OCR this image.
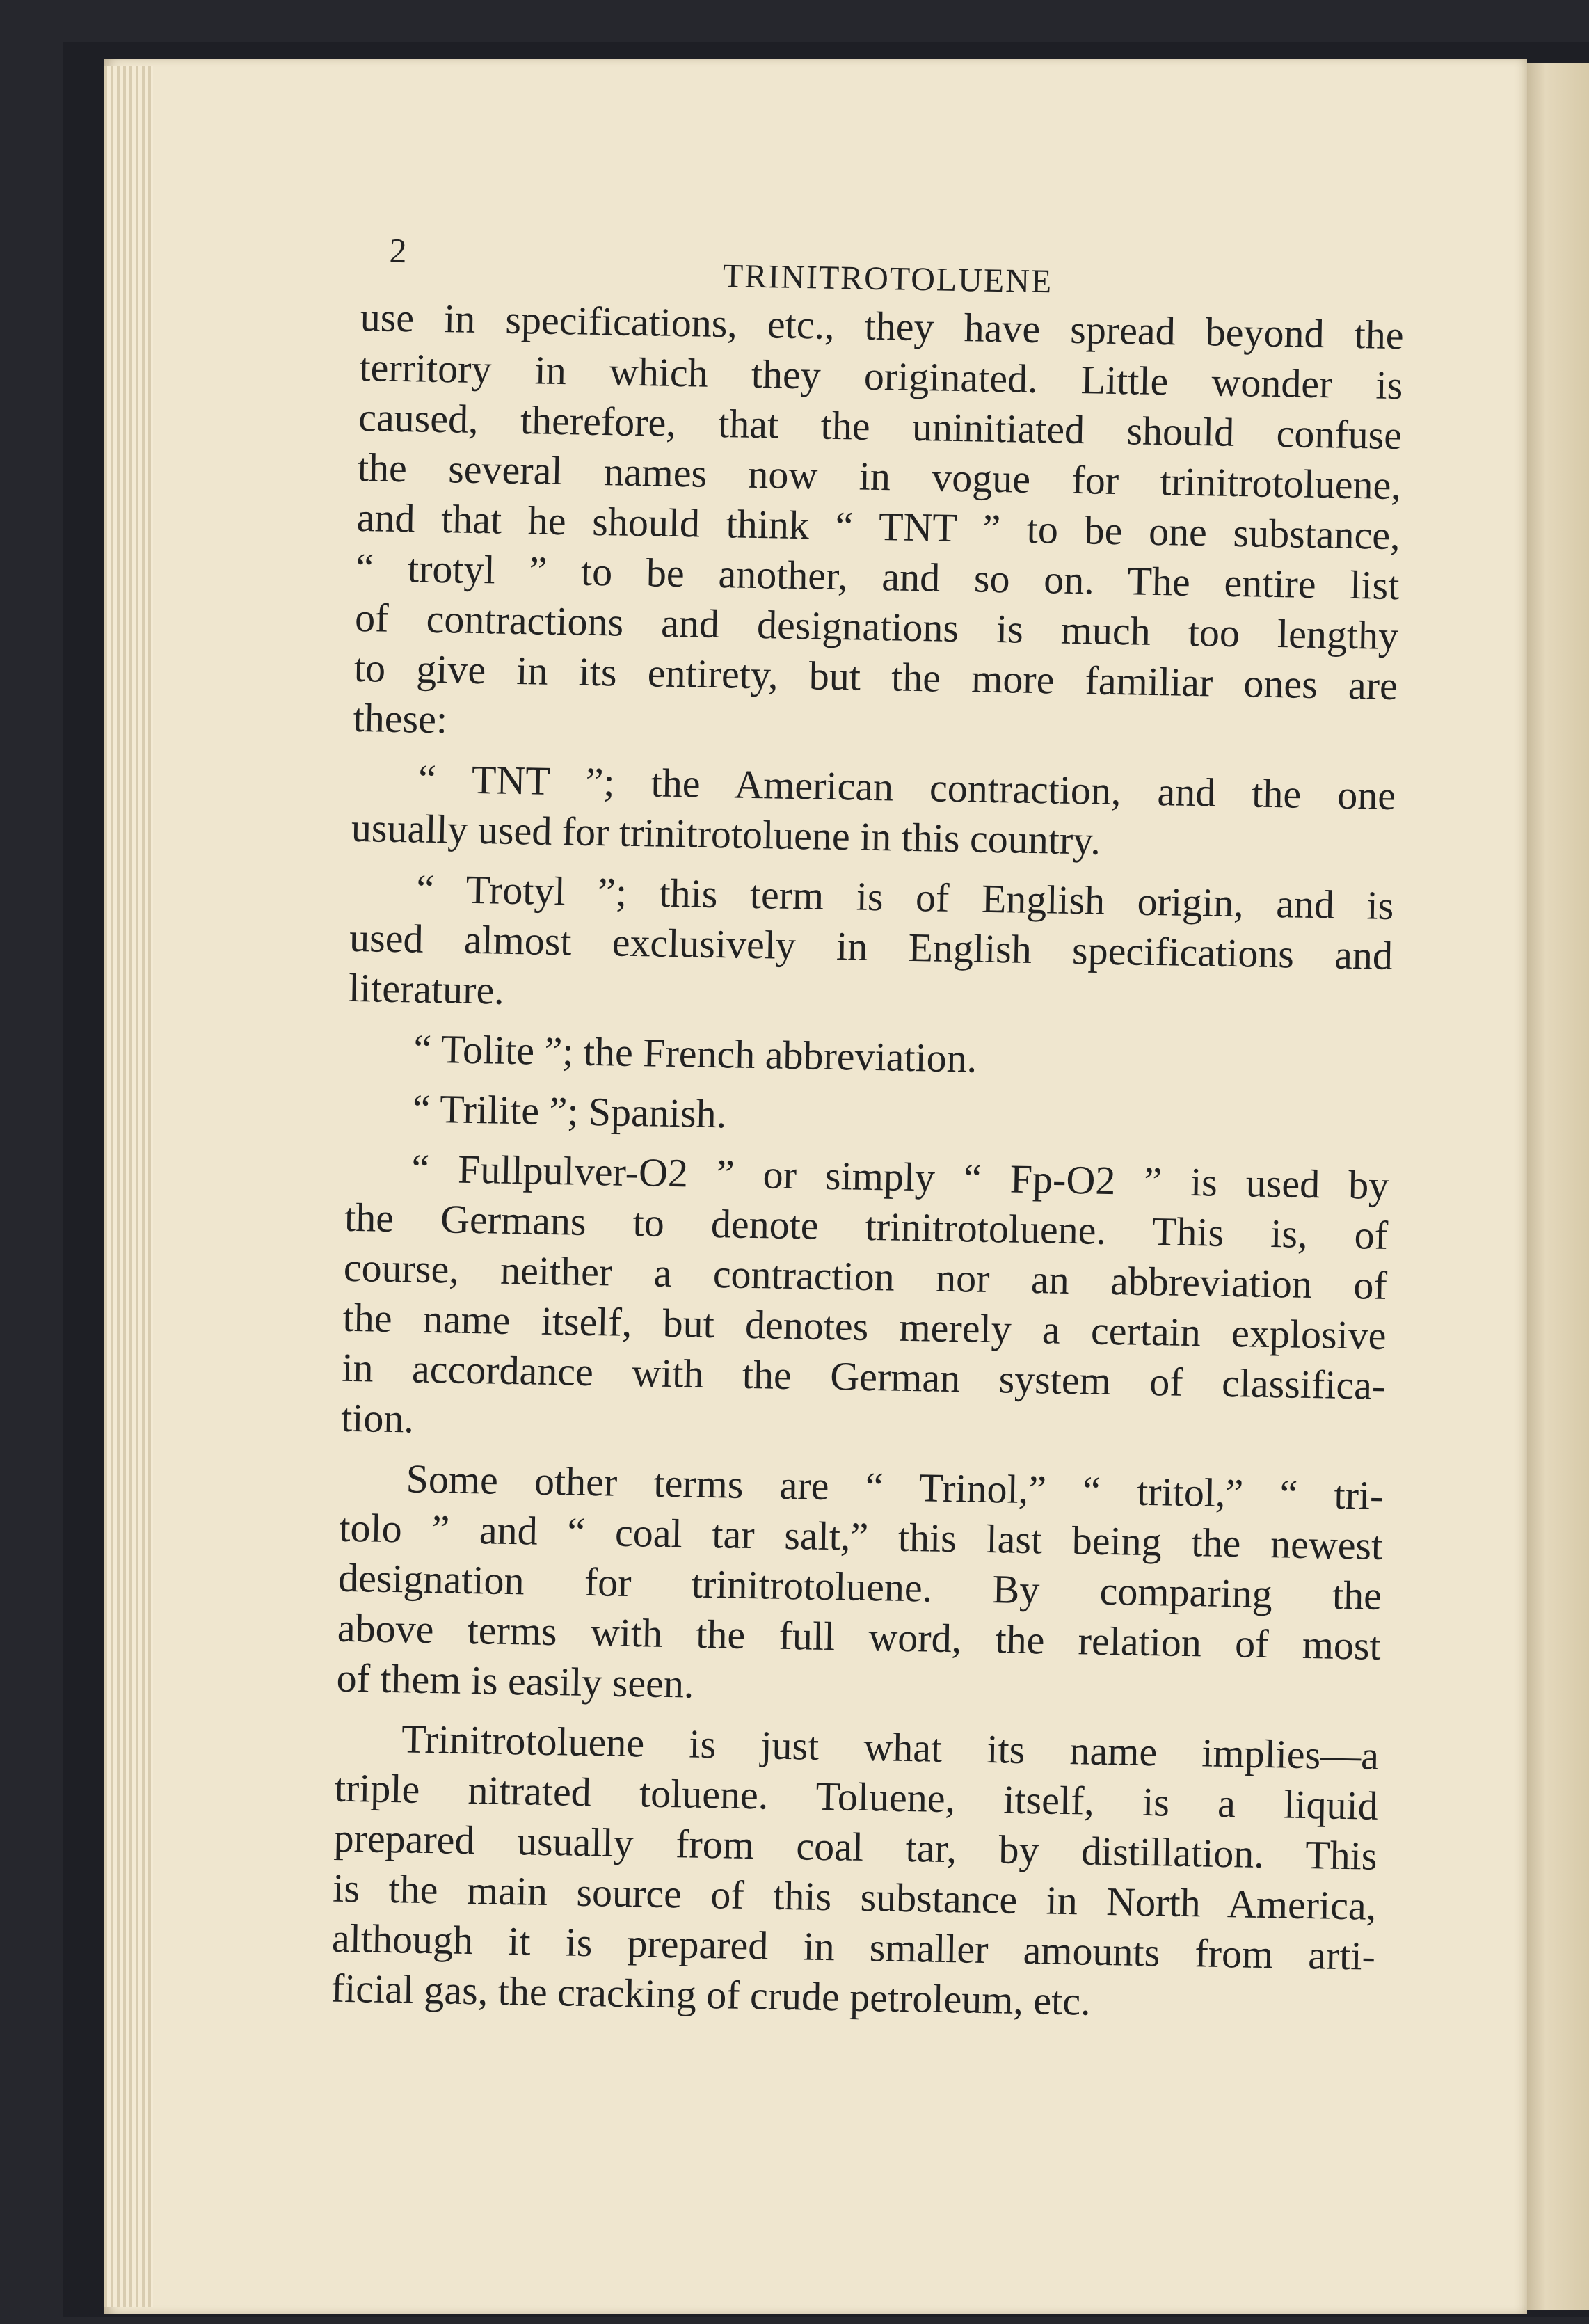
2
TRINITROTOLUENE
use in specifications, etc., they have spread beyond the
territory in which they originated. Little wonder is
caused, therefore, that the uninitiated should confuse
the several names now in vogue for trinitrotoluene,
and that he should think “ TNT ” to be one substance,
“ trotyl ” to be another, and so on. The entire list
of contractions and designations is much too lengthy
to give in its entirety, but the more familiar ones are
these:
“ TNT ”; the American contraction, and the one
usually used for trinitrotoluene in this country.
“ Trotyl ”; this term is of English origin, and is
used almost exclusively in English specifications and
literature.
“ Tolite ”; the French abbreviation.
“ Trilite ”; Spanish.
“ Fullpulver-O2 ” or simply “ Fp-O2 ” is used by
the Germans to denote trinitrotoluene. This is, of
course, neither a contraction nor an abbreviation of
the name itself, but denotes merely a certain explosive
in accordance with the German system of classifica-
tion.
Some other terms are “ Trinol,” “ tritol,” “ tri-
tolo ” and “ coal tar salt,” this last being the newest
designation for trinitrotoluene. By comparing the
above terms with the full word, the relation of most
of them is easily seen.
Trinitrotoluene is just what its name implies—a
triple nitrated toluene. Toluene, itself, is a liquid
prepared usually from coal tar, by distillation. This
is the main source of this substance in North America,
although it is prepared in smaller amounts from arti-
ficial gas, the cracking of crude petroleum, etc.
